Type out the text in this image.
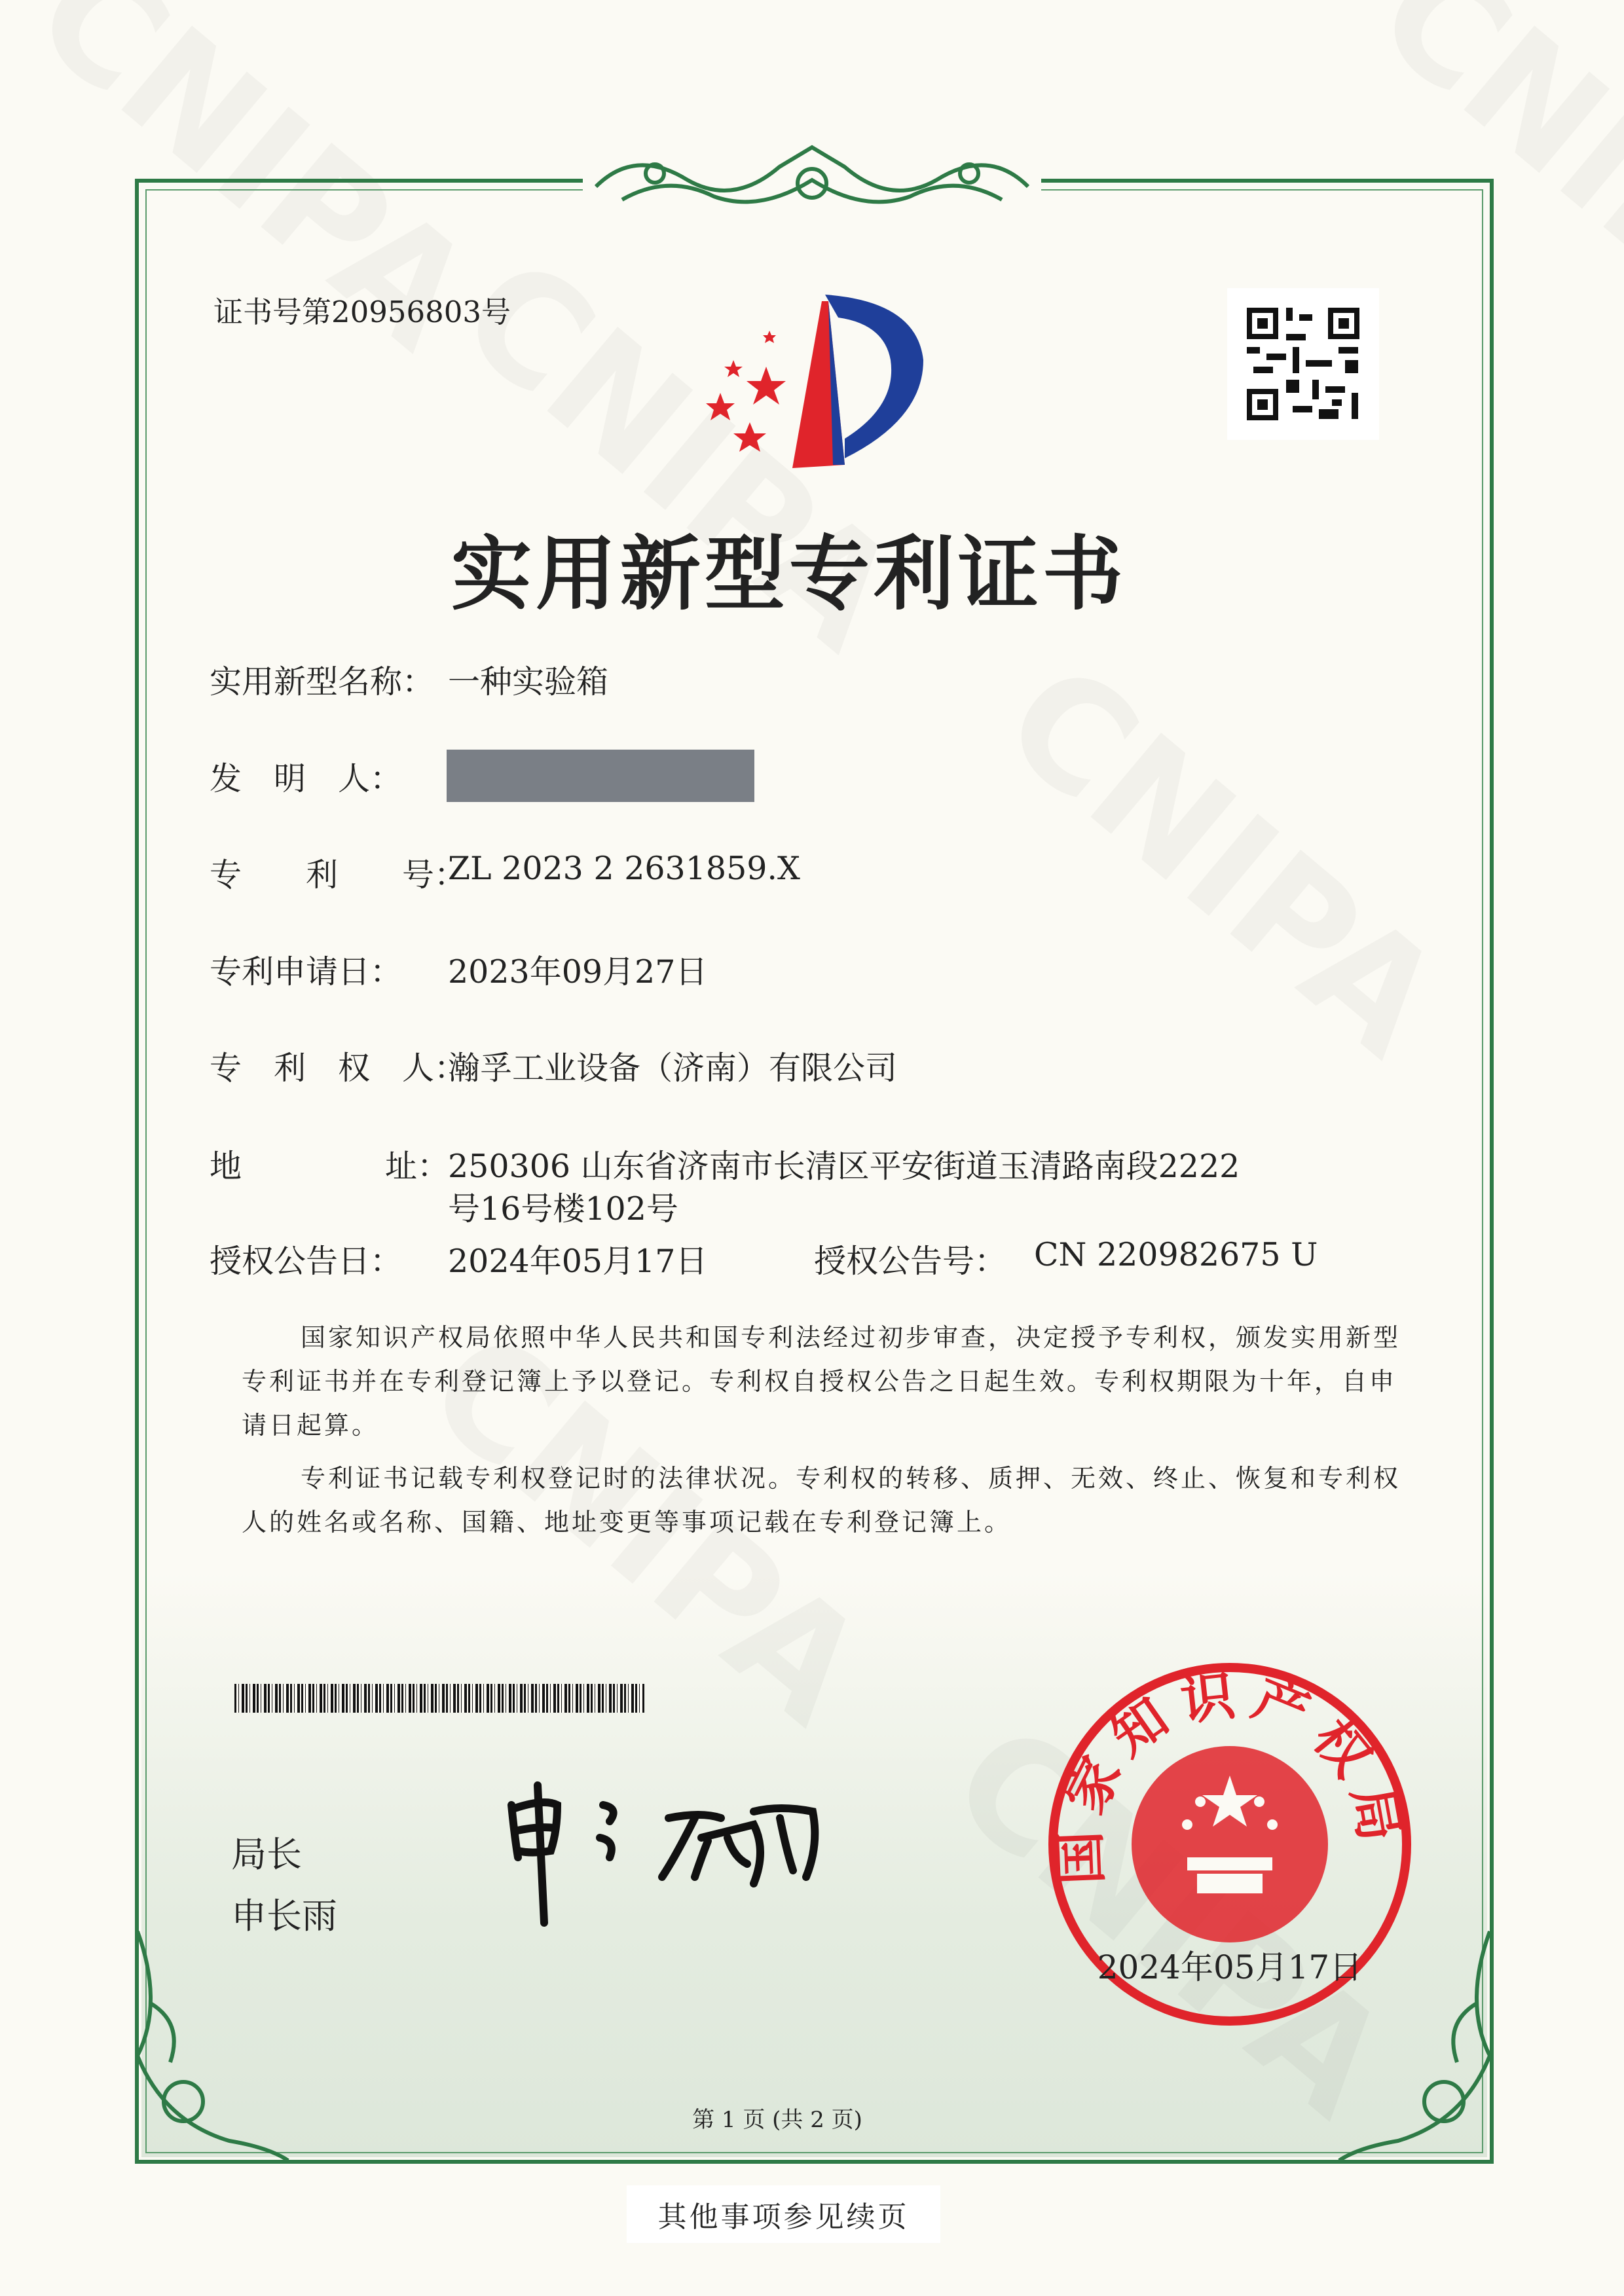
证书号第20956803号
实用新型专利证书
实用新型名称： 一种实验箱
发　明　人：
专　　利　　号：
ZL 2023 2 2631859.X
专利申请日： 2023年09月27日
专　利　权　人：
瀚孚工业设备（济南）有限公司
地	址：
250306 山东省济南市长清区平安街道玉清路南段2222
号16号楼102号
授权公告日： 2024年05月17日	授权公告号： CN 220982675 U

国家知识产权局依照中华人民共和国专利法经过初步审查，决定授予专利权，颁发实用新型专利证书并在专利登记簿上予以登记。专利权自授权公告之日起生效。专利权期限为十年，自申请日起算。

专利证书记载专利权登记时的法律状况。专利权的转移、质押、无效、终止、恢复和专利权人的姓名或名称、国籍、地址变更等事项记载在专利登记簿上。

局长
申长雨
国家知识产权局
2024年05月17日
第 1 页 (共 2 页)
其他事项参见续页
